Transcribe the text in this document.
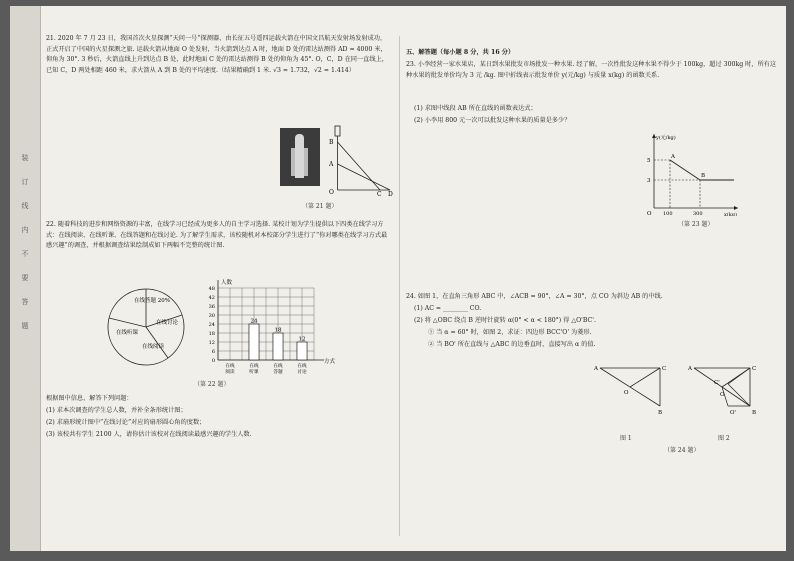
装
订
线
内
不
要
答
题

21. 2020 年 7 月 23 日，我国首次火星探测“天问一号”探测器，由长征五号遥四运载火箭在中国文昌航天发射场发射成功，正式开启了中国的火星探测之旅. 运载火箭从地面 O 处发射，当火箭到达点 A 时，地面 D 处的雷达站测得 AD = 4000 米，仰角为 30°. 3 秒后，火箭直线上升到达点 B 处，此时地面 C 处的雷达站测得 B 处的仰角为 45°. O，C，D 在同一直线上，已知 C，D 两处相距 460 米，求火箭从 A 到 B 处的平均速度.（结果精确到 1 米. √3 ≈ 1.732，√2 ≈ 1.414）

B
A
O	C D
（第 21 题）

22. 随着科技的进步和网络资源的丰富，在线学习已经成为更多人的自主学习选择. 某校计划为学生提供以下四类在线学习方式：在线阅读、在线听课、在线答题和在线讨论. 为了解学生需求，该校随机对本校部分学生进行了“你对哪类在线学习方式最感兴趣”的调查，并根据调查结果绘制成如下两幅不完整的统计图.

在线听课
在线答题 20%
在线讨论
在线阅读
0
6
12
18
24
30
36
42
48
人数
方式
在线
阅读
24
在线
听课
18
在线
答题
12
在线
讨论
（第 22 题）

根据图中信息，解答下列问题：

(1) 求本次调查的学生总人数，并补全条形统计图；

(2) 求扇形统计图中“在线讨论”对应的扇形圆心角的度数；

(3) 该校共有学生 2100 人，请你估计该校对在线阅读最感兴趣的学生人数.

五、解答题（每小题 8 分，共 16 分）

23. 小李经营一家水果店，某日到水果批发市场批发一种水果. 经了解，一次性批发这种水果不得少于 100kg，超过 300kg 时，所有这种水果的批发单价均为 3 元 /kg. 图中折线表示批发单价 y(元/kg) 与质量 x(kg) 的函数关系.

(1) 求图中线段 AB 所在直线的函数表达式；

(2) 小李用 800 元一次可以批发这种水果的质量是多少？

y(元/kg)
x(kg)
5
3
O 100	300
A
B
（第 23 题）

24. 如图 1，在直角三角形 ABC 中，∠ACB = 90°，∠A = 30°，点 CO 为斜边 AB 的中线.

(1) AC = ________ CO.

(2) 将 △OBC 绕点 B 逆时针旋转 α(0° < α < 180°) 得 △O'BC'.

① 当 α = 60° 时，如图 2，求证：四边形 BCC'O' 为菱形.

② 当 BO' 所在直线与 △ABC 的边垂直时，直接写出 α 的值.

A	C
O
B
A	C
C'
O
O'	B
图 1	图 2
（第 24 题）
